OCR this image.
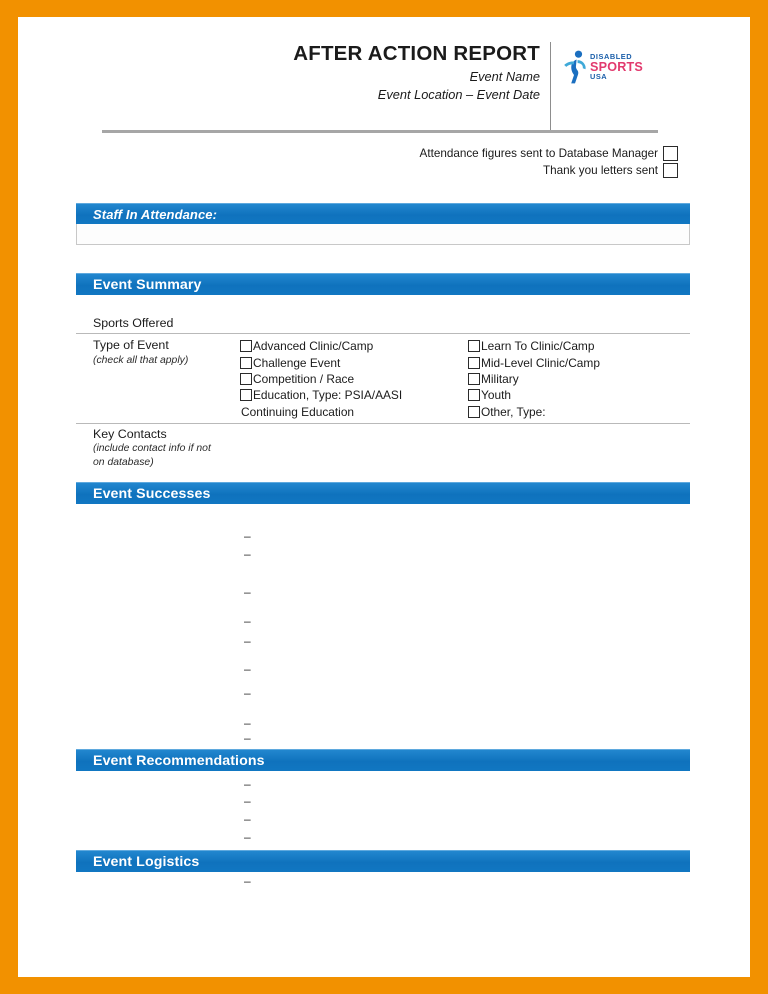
AFTER ACTION REPORT
Event Name
Event Location – Event Date
DISABLED
SPORTS
USA
Attendance figures sent to Database Manager
Thank you letters sent
Staff In Attendance:
Event Summary
Sports Offered
Type of Event
(check all that apply)
Advanced Clinic/Camp
Challenge Event
Competition / Race
Education, Type: PSIA/AASI
Continuing Education
Learn To Clinic/Camp
Mid-Level Clinic/Camp
Military
Youth
Other, Type:
Key Contacts
(include contact info if not
on database)
Event Successes
–
–
–
–
–
–
–
–
–
–
Event Recommendations
–
–
–
–
Event Logistics
–
